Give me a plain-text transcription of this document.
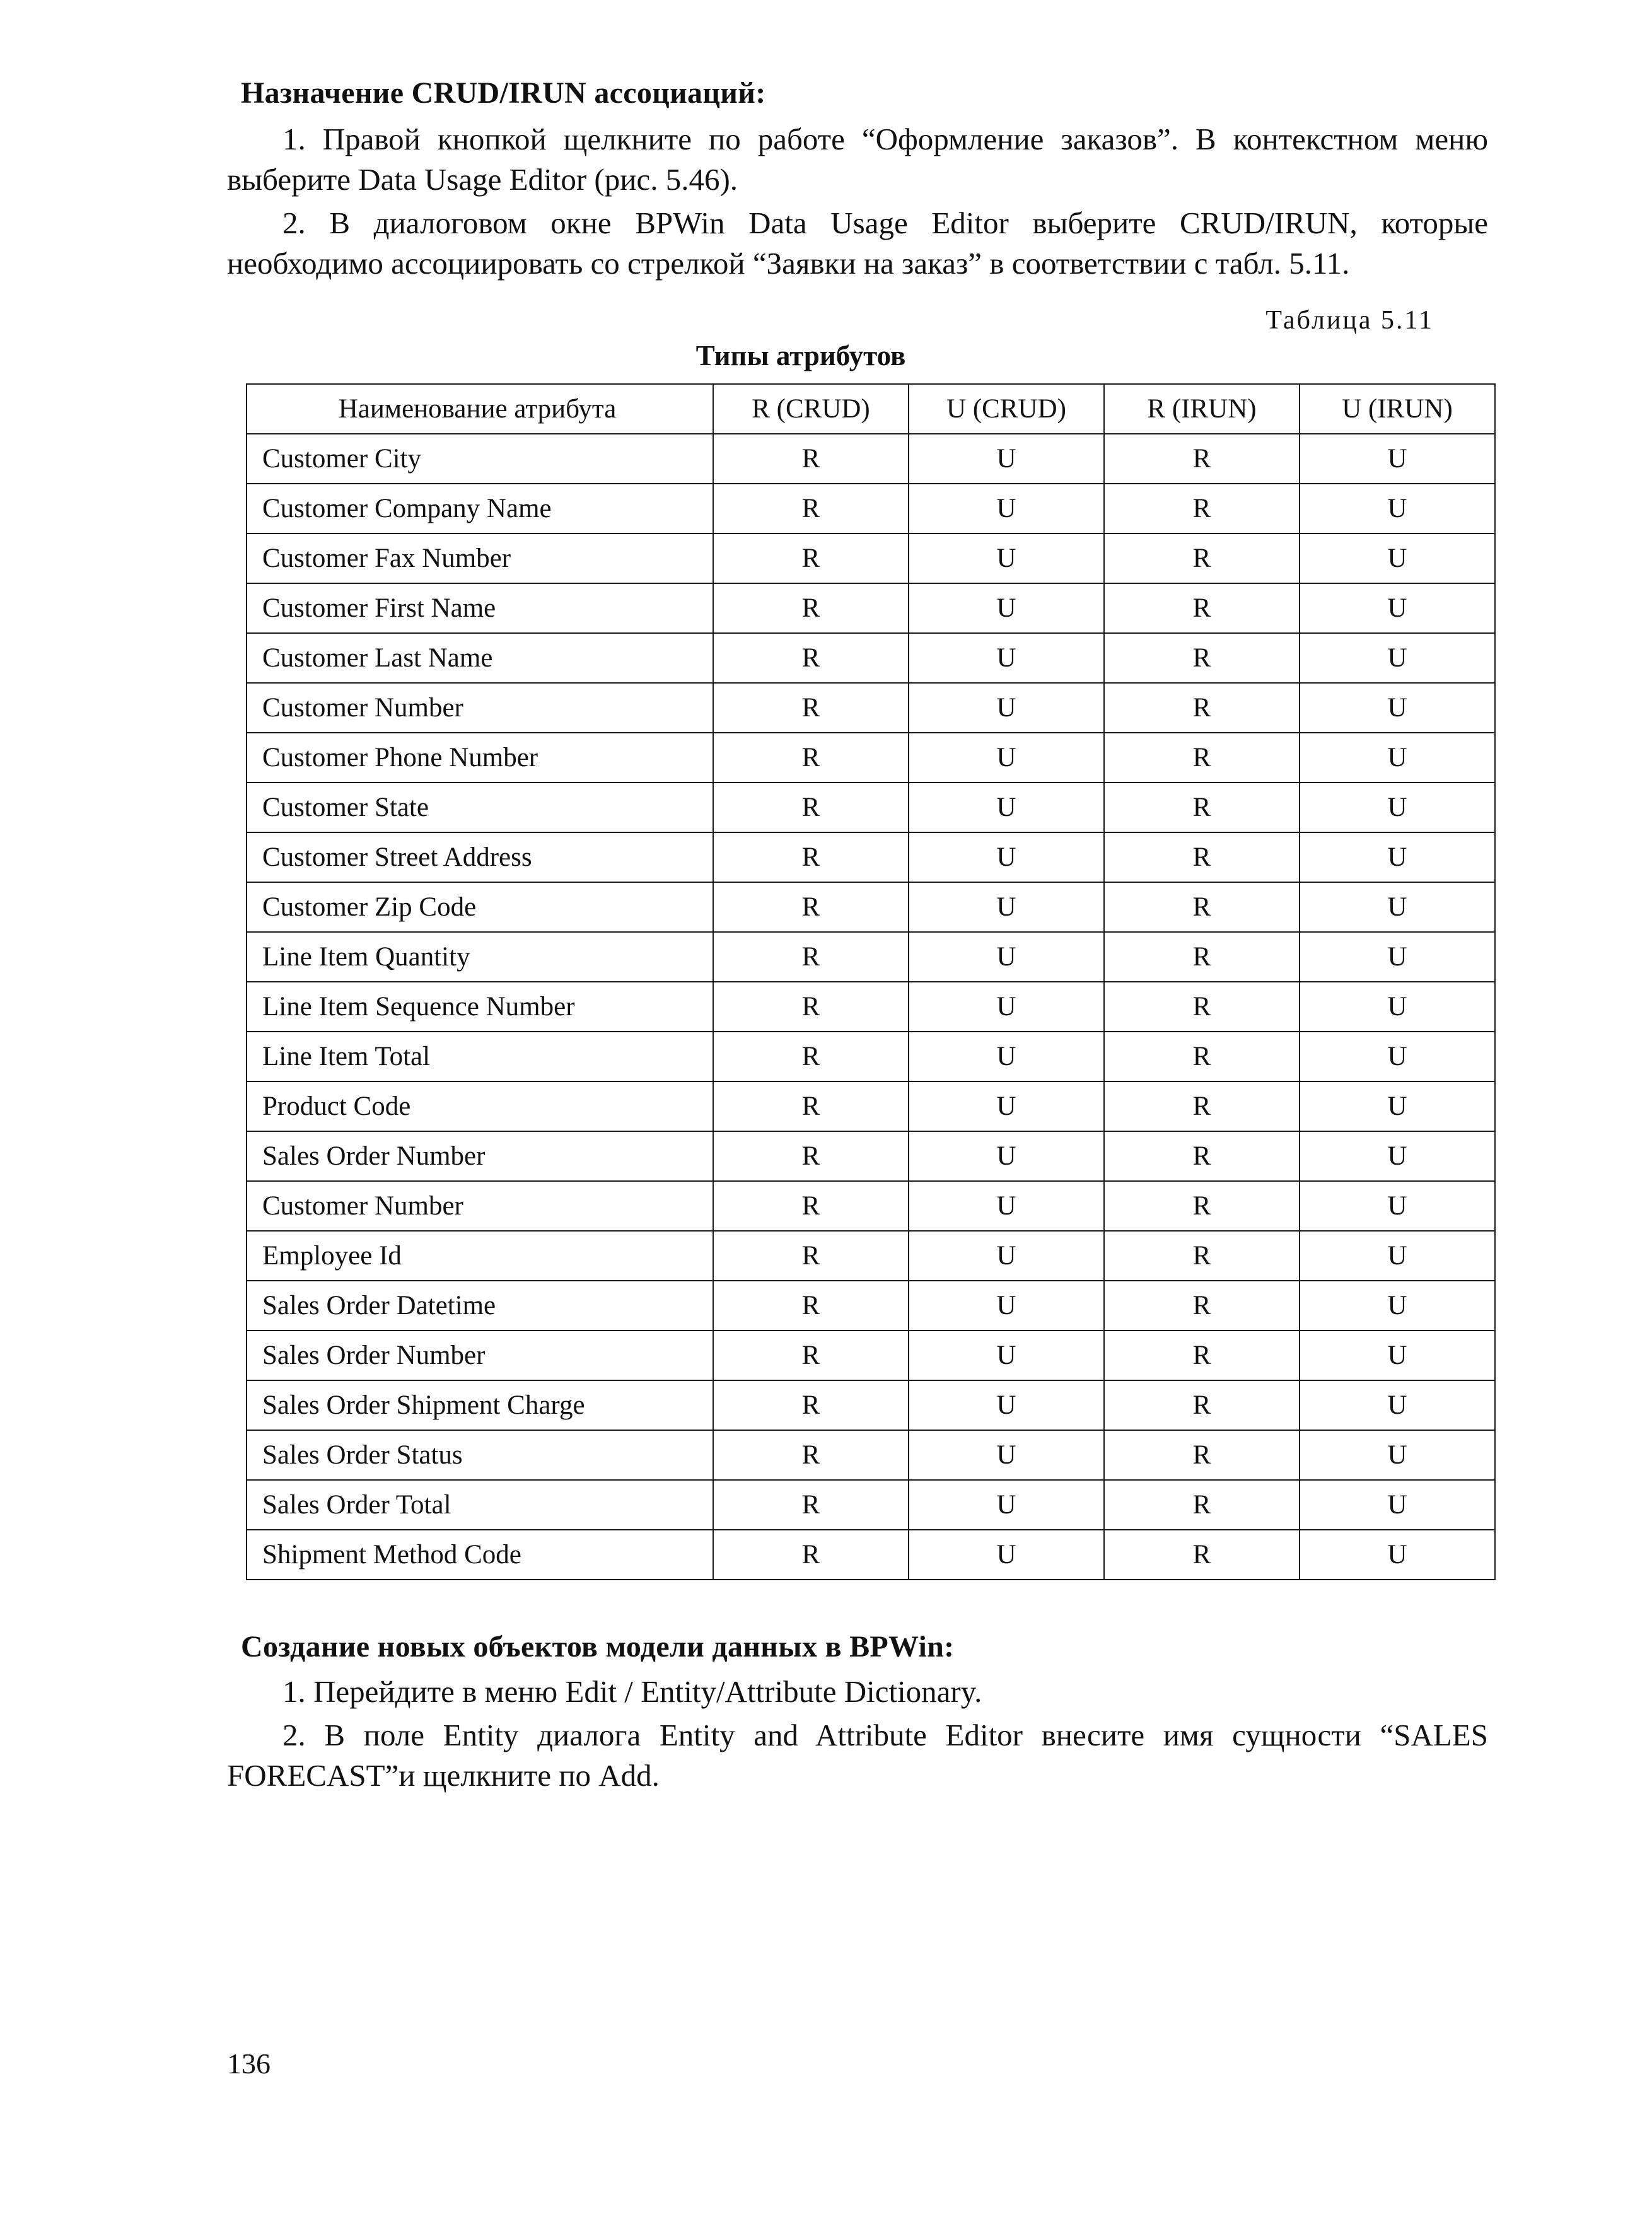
Назначение CRUD/IRUN ассоциаций:

1. Правой кнопкой щелкните по работе “Оформление заказов”. В контекстном меню выберите Data Usage Editor (рис. 5.46).

2. В диалоговом окне BPWin Data Usage Editor выберите CRUD/IRUN, которые необходимо ассоциировать со стрелкой “Заявки на заказ” в соответствии с табл. 5.11.

Таблица 5.11
Типы атрибутов
Наименование атрибута	R (CRUD)	U (CRUD)	R (IRUN)	U (IRUN)
Customer City	R	U	R	U
Customer Company Name	R	U	R	U
Customer Fax Number	R	U	R	U
Customer First Name	R	U	R	U
Customer Last Name	R	U	R	U
Customer Number	R	U	R	U
Customer Phone Number	R	U	R	U
Customer State	R	U	R	U
Customer Street Address	R	U	R	U
Customer Zip Code	R	U	R	U
Line Item Quantity	R	U	R	U
Line Item Sequence Number	R	U	R	U
Line Item Total	R	U	R	U
Product Code	R	U	R	U
Sales Order Number	R	U	R	U
Customer Number	R	U	R	U
Employee Id	R	U	R	U
Sales Order Datetime	R	U	R	U
Sales Order Number	R	U	R	U
Sales Order Shipment Charge	R	U	R	U
Sales Order Status	R	U	R	U
Sales Order Total	R	U	R	U
Shipment Method Code	R	U	R	U
Создание новых объектов модели данных в BPWin:

1. Перейдите в меню Edit / Entity/Attribute Dictionary.

2. В поле Entity диалога Entity and Attribute Editor внесите имя сущности “SALES FORECAST”и щелкните по Add.

136
